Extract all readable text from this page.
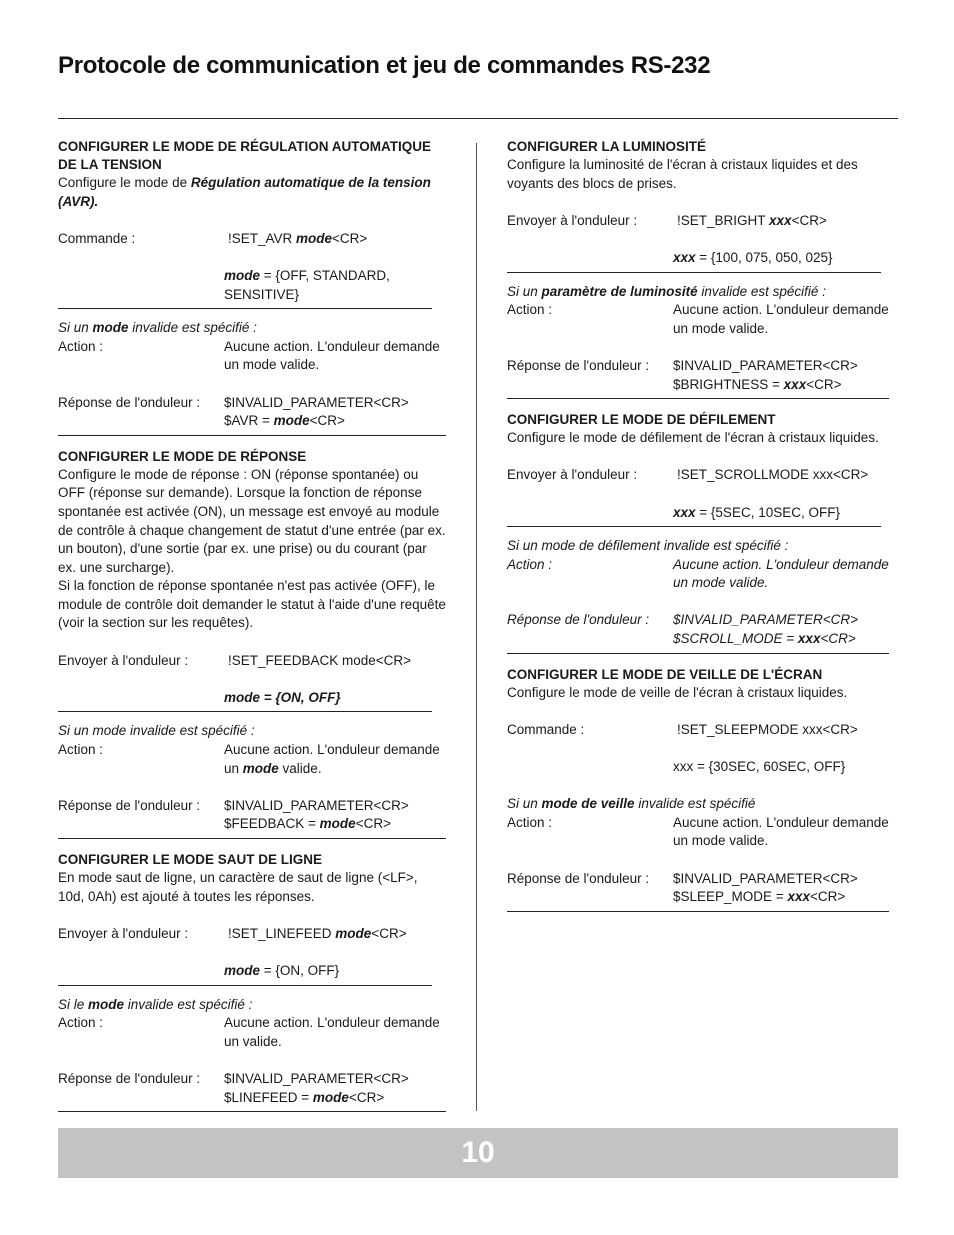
Protocole de communication et jeu de commandes RS-232

CONFIGURER LE MODE DE RÉGULATION AUTOMATIQUE DE LA TENSION

Configure le mode de Régulation automatique de la tension (AVR).

Commande :	!SET_AVR mode<CR>
mode = {OFF, STANDARD, SENSITIVE}
Si un mode invalide est spécifié :
Action :	Aucune action. L'onduleur demande un mode valide.
Réponse de l'onduleur :	$INVALID_PARAMETER<CR>
$AVR = mode<CR>

CONFIGURER LE MODE DE RÉPONSE

Configure le mode de réponse : ON (réponse spontanée) ou OFF (réponse sur demande). Lorsque la fonction de réponse spontanée est activée (ON), un message est envoyé au module de contrôle à chaque changement de statut d'une entrée (par ex. un bouton), d'une sortie (par ex. une prise) ou du courant (par ex. une surcharge).

Si la fonction de réponse spontanée n'est pas activée (OFF), le module de contrôle doit demander le statut à l'aide d'une requête (voir la section sur les requêtes).

Envoyer à l'onduleur :	!SET_FEEDBACK mode<CR>
mode = {ON, OFF}
Si un mode invalide est spécifié :
Action :	Aucune action. L'onduleur demande un mode valide.
Réponse de l'onduleur :	$INVALID_PARAMETER<CR>
$FEEDBACK = mode<CR>

CONFIGURER LE MODE SAUT DE LIGNE

En mode saut de ligne, un caractère de saut de ligne (<LF>, 10d, 0Ah) est ajouté à toutes les réponses.

Envoyer à l'onduleur :	!SET_LINEFEED mode<CR>
mode = {ON, OFF}
Si le mode invalide est spécifié :
Action :	Aucune action. L'onduleur demande un valide.
Réponse de l'onduleur :	$INVALID_PARAMETER<CR>
$LINEFEED = mode<CR>

CONFIGURER LA LUMINOSITÉ

Configure la luminosité de l'écran à cristaux liquides et des voyants des blocs de prises.

Envoyer à l'onduleur :	!SET_BRIGHT xxx<CR>
xxx = {100, 075, 050, 025}
Si un paramètre de luminosité invalide est spécifié :
Action :	Aucune action. L'onduleur demande un mode valide.
Réponse de l'onduleur :	$INVALID_PARAMETER<CR>
$BRIGHTNESS = xxx<CR>

CONFIGURER LE MODE DE DÉFILEMENT

Configure le mode de défilement de l'écran à cristaux liquides.

Envoyer à l'onduleur :	!SET_SCROLLMODE xxx<CR>
xxx = {5SEC, 10SEC, OFF}
Si un mode de défilement invalide est spécifié :
Action :	Aucune action. L'onduleur demande un mode valide.
Réponse de l'onduleur :	$INVALID_PARAMETER<CR>
$SCROLL_MODE = xxx<CR>

CONFIGURER LE MODE DE VEILLE DE L'ÉCRAN

Configure le mode de veille de l'écran à cristaux liquides.

Commande :	!SET_SLEEPMODE xxx<CR>
xxx = {30SEC, 60SEC, OFF}
Si un mode de veille invalide est spécifié
Action :	Aucune action. L'onduleur demande un mode valide.
Réponse de l'onduleur :	$INVALID_PARAMETER<CR>
$SLEEP_MODE = xxx<CR>
10
